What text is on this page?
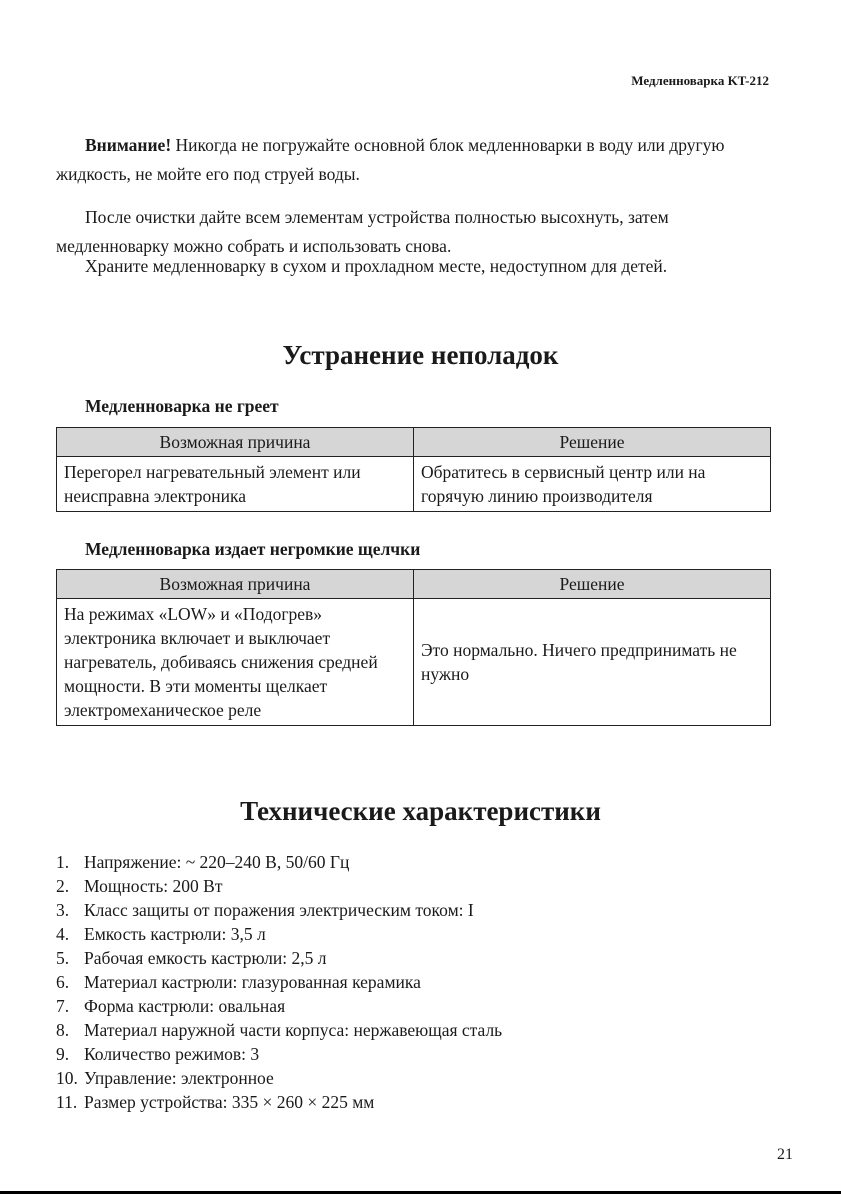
Медленноварка KT-212

Внимание! Никогда не погружайте основной блок медленноварки в воду или другую жидкость, не мойте его под струей воды.

После очистки дайте всем элементам устройства полностью высохнуть, затем медленноварку можно собрать и использовать снова.

Храните медленноварку в сухом и прохладном месте, недоступном для детей.

Устранение неполадок
Медленноварка не греет
Возможная причина	Решение
Перегорел нагревательный элемент или неисправна электроника	Обратитесь в сервисный центр или на горячую линию производителя
Медленноварка издает негромкие щелчки
Возможная причина	Решение
На режимах «LOW» и «Подогрев» электроника включает и выключает нагреватель, добиваясь снижения средней мощности. В эти моменты щелкает электромеханическое реле	Это нормально. Ничего предпринимать не нужно
Технические характеристики
1. Напряжение: ~ 220–240 В, 50/60 Гц
2. Мощность: 200 Вт
3. Класс защиты от поражения электрическим током: I
4. Емкость кастрюли: 3,5 л
5. Рабочая емкость кастрюли: 2,5 л
6. Материал кастрюли: глазурованная керамика
7. Форма кастрюли: овальная
8. Материал наружной части корпуса: нержавеющая сталь
9. Количество режимов: 3
10. Управление: электронное
11. Размер устройства: 335 × 260 × 225 мм
21
